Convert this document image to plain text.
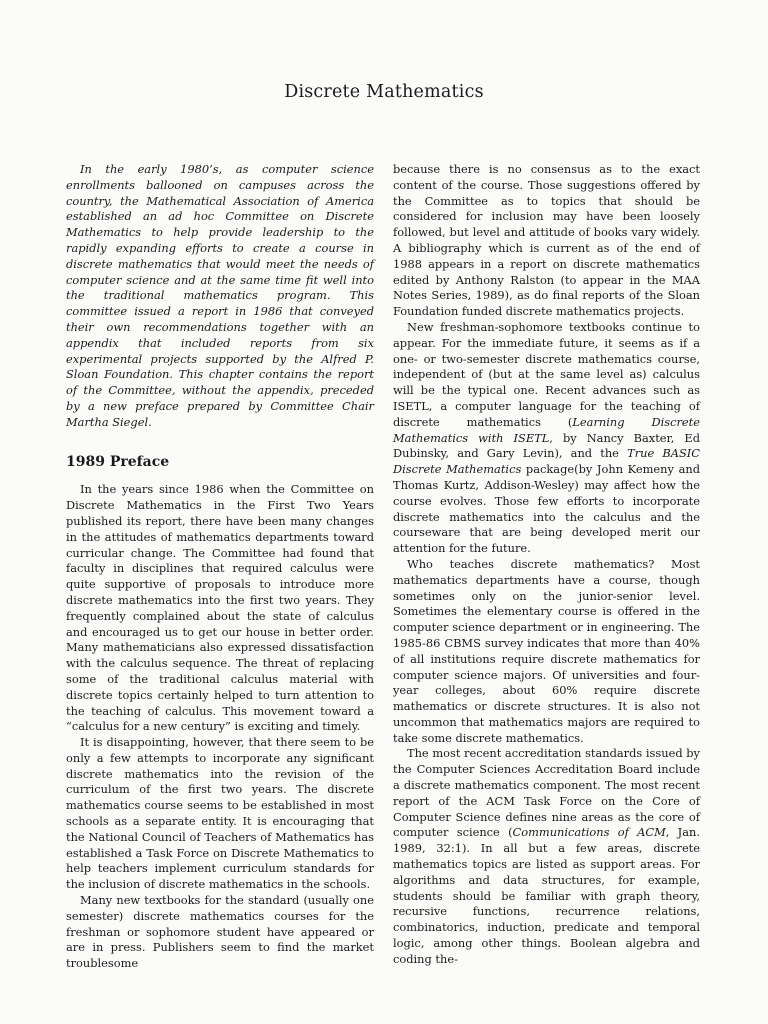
Discrete Mathematics

In the early 1980’s, as computer science enrollments ballooned on campuses across the country, the Mathematical Association of America established an ad hoc Committee on Discrete Mathematics to help provide leadership to the rapidly expanding efforts to create a course in discrete mathematics that would meet the needs of computer science and at the same time fit well into the traditional mathematics program. This committee issued a report in 1986 that conveyed their own recommendations together with an appendix that included reports from six experimental projects supported by the Alfred P. Sloan Foundation. This chapter contains the report of the Committee, without the appendix, preceded by a new preface prepared by Committee Chair Martha Siegel.

1989 Preface

In the years since 1986 when the Committee on Discrete Mathematics in the First Two Years published its report, there have been many changes in the attitudes of mathematics departments toward curricular change. The Committee had found that faculty in disciplines that required calculus were quite supportive of proposals to introduce more discrete mathematics into the first two years. They frequently complained about the state of calculus and encouraged us to get our house in better order. Many mathematicians also expressed dissatisfaction with the calculus sequence. The threat of replacing some of the traditional calculus material with discrete topics certainly helped to turn attention to the teaching of calculus. This movement toward a “calculus for a new century” is exciting and timely.

It is disappointing, however, that there seem to be only a few attempts to incorporate any significant discrete mathematics into the revision of the curriculum of the first two years. The discrete mathematics course seems to be established in most schools as a separate entity. It is encouraging that the National Council of Teachers of Mathematics has established a Task Force on Discrete Mathematics to help teachers implement curriculum standards for the inclusion of discrete mathematics in the schools.

Many new textbooks for the standard (usually one semester) discrete mathematics courses for the freshman or sophomore student have appeared or are in press. Publishers seem to find the market troublesome

because there is no consensus as to the exact content of the course. Those suggestions offered by the Committee as to topics that should be considered for inclusion may have been loosely followed, but level and attitude of books vary widely. A bibliography which is current as of the end of 1988 appears in a report on discrete mathematics edited by Anthony Ralston (to appear in the MAA Notes Series, 1989), as do final reports of the Sloan Foundation funded discrete mathematics projects.

New freshman-sophomore textbooks continue to appear. For the immediate future, it seems as if a one- or two-semester discrete mathematics course, independent of (but at the same level as) calculus will be the typical one. Recent advances such as ISETL, a computer language for the teaching of discrete mathematics (Learning Discrete Mathematics with ISETL, by Nancy Baxter, Ed Dubinsky, and Gary Levin), and the True BASIC Discrete Mathematics package(by John Kemeny and Thomas Kurtz, Addison-Wesley) may affect how the course evolves. Those few efforts to incorporate discrete mathematics into the calculus and the courseware that are being developed merit our attention for the future.

Who teaches discrete mathematics? Most mathematics departments have a course, though sometimes only on the junior-senior level. Sometimes the elementary course is offered in the computer science department or in engineering. The 1985-86 CBMS survey indicates that more than 40% of all institutions require discrete mathematics for computer science majors. Of universities and four-year colleges, about 60% require discrete mathematics or discrete structures. It is also not uncommon that mathematics majors are required to take some discrete mathematics.

The most recent accreditation standards issued by the Computer Sciences Accreditation Board include a discrete mathematics component. The most recent report of the ACM Task Force on the Core of Computer Science defines nine areas as the core of computer science (Communications of ACM, Jan. 1989, 32:1). In all but a few areas, discrete mathematics topics are listed as support areas. For algorithms and data structures, for example, students should be familiar with graph theory, recursive functions, recurrence relations, combinatorics, induction, predicate and temporal logic, among other things. Boolean algebra and coding the-
